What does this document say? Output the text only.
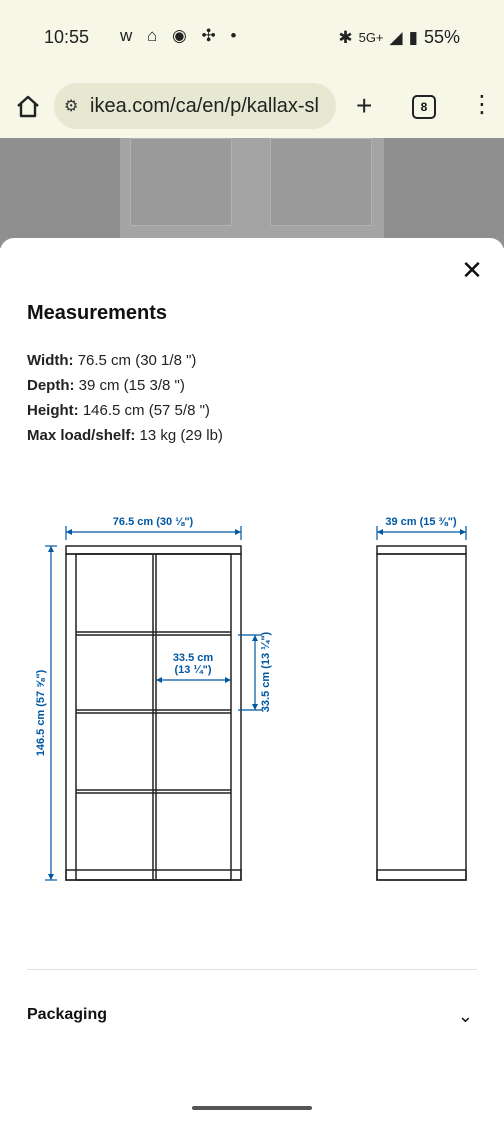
10:55 w ⌂ ◉ ✣ •	✱ 5G+ ◢ ▮ 55%
⚙ ikea.com/ca/en/p/kallax-sl +	8	⋮
✕
Measurements
Width: 76.5 cm (30 1/8 ")
Depth: 39 cm (15 3/8 ")
Height: 146.5 cm (57 5/8 ")
Max load/shelf: 13 kg (29 lb)
76.5 cm (30 ⅛")	39 cm (15 ⅜")
146.5 cm (57 ⅝")
33.5 cm
(13 ¼")	33.5 cm (13 ¼")
Packaging	⌄
